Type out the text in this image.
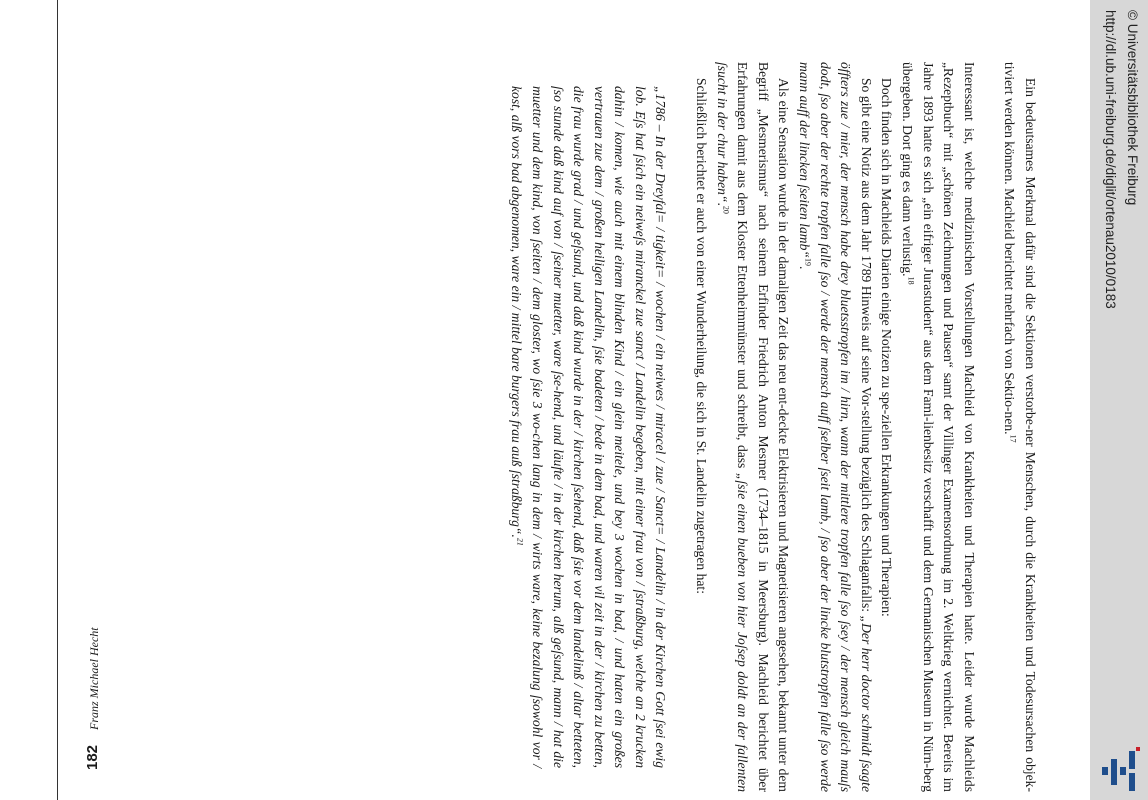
182
Franz Michael Hecht	Ein bedeutsames Merkmal dafür sind die Sektionen verstorbe-ner Menschen, durch die Krankheiten und Todesursachen objek-tiviert werden können. Machleid berichtet mehrfach von Sektio-nen.$^{17}$

Interessant ist, welche medizinischen Vorstellungen Machleid von Krankheiten und Therapien hatte. Leider wurde Machleids „Rezeptbuch“ mit „schönen Zeichnungen und Pausen“ samt der Villinger Examensordnung im 2. Weltkrieg vernichtet. Bereits im Jahre 1893 hatte es sich „ein eifriger Jurastudent“ aus dem Fami-lienbesitz verschafft und dem Germanischen Museum in Nürn-berg übergeben. Dort ging es dann verlustig.$^{18}$

Doch finden sich in Machleids Diarien einige Notizen zu spe-ziellen Erkrankungen und Therapien:

So gibt eine Notiz aus dem Jahr 1789 Hinweis auf seine Vor-stellung bezüglich des Schlaganfalls: „Der herr doctor schmidt ſsagte öffters zue / mier, der mensch habe drey bluetsstropfen im / hirn, wann der mittlere tropfen falle ſso ſsey / der mensch gleich mauſs dodt, ſso aber der rechte tropfen falle ſso / werde der mensch auff ſselber ſseit lamb, / ſso aber der lincke blutstropfen falle ſso werde mann auff der lincken ſseiten lamb“$^{19}$.

Als eine Sensation wurde in der damaligen Zeit das neu ent-deckte Elektrisieren und Magnetisieren angesehen, bekannt unter dem Begriff „Mesmerismus“ nach seinem Erfinder Friedrich Anton Mesmer (1734–1815 in Meersburg). Machleid berichtet über Erfahrungen damit aus dem Kloster Ettenheimmünster und schreibt, dass „ſsie einen bueben von hier Joſsep doldt an der fallenten ſsucht in der chur haben“.$^{20}$

Schließlich berichtet er auch von einer Wunderheilung, die sich in St. Landelin zugetragen hat:

„1786 – In der Dreyfal= / tigkeit= / wochen / ein neiwes / miracel / zue / Sanct= / Landelin / in der Kirchen Gott ſsei ewig lob. Eſs hat ſsich ein neiweſs miranckel zue sanct / Landelin begeben, mit einer frau von / ſstraßburg, welche an 2 krucken dahin / komen, wie auch mit einem blinden Kind / ein glein meitele, und bey 3 wochen in bad, / und haten ein großes vertrauen zue dem / großen heiligen Landelin, ſsie badeten / bede in dem bad, und waren vil zeit in der / kirchen zu betten, die frau wurde grad / und geſsund, und daß kind wurde in der / kirchen ſsehend, daß ſsie vor dem landelinß / altar betteten, ſso stunde daß kind auf von / ſseiner muetter, ware ſse-hend, und läufte / in der kirchen herum, alß geſsund, mann / hat die muetter und dem kind, von ſseiten / dem gloster, wo ſsie 3 wo-chen lang in dem / wirts ware, keine bezalung ſsowohl vor / kost, alß vors bad abgenomen, ware ein / mittel bare burgers frau auß ſstraßburg“.$^{21}$

http://dl.ub.uni-freiburg.de/diglit/ortenau2010/0183 © Universitätsbibliothek Freiburg
